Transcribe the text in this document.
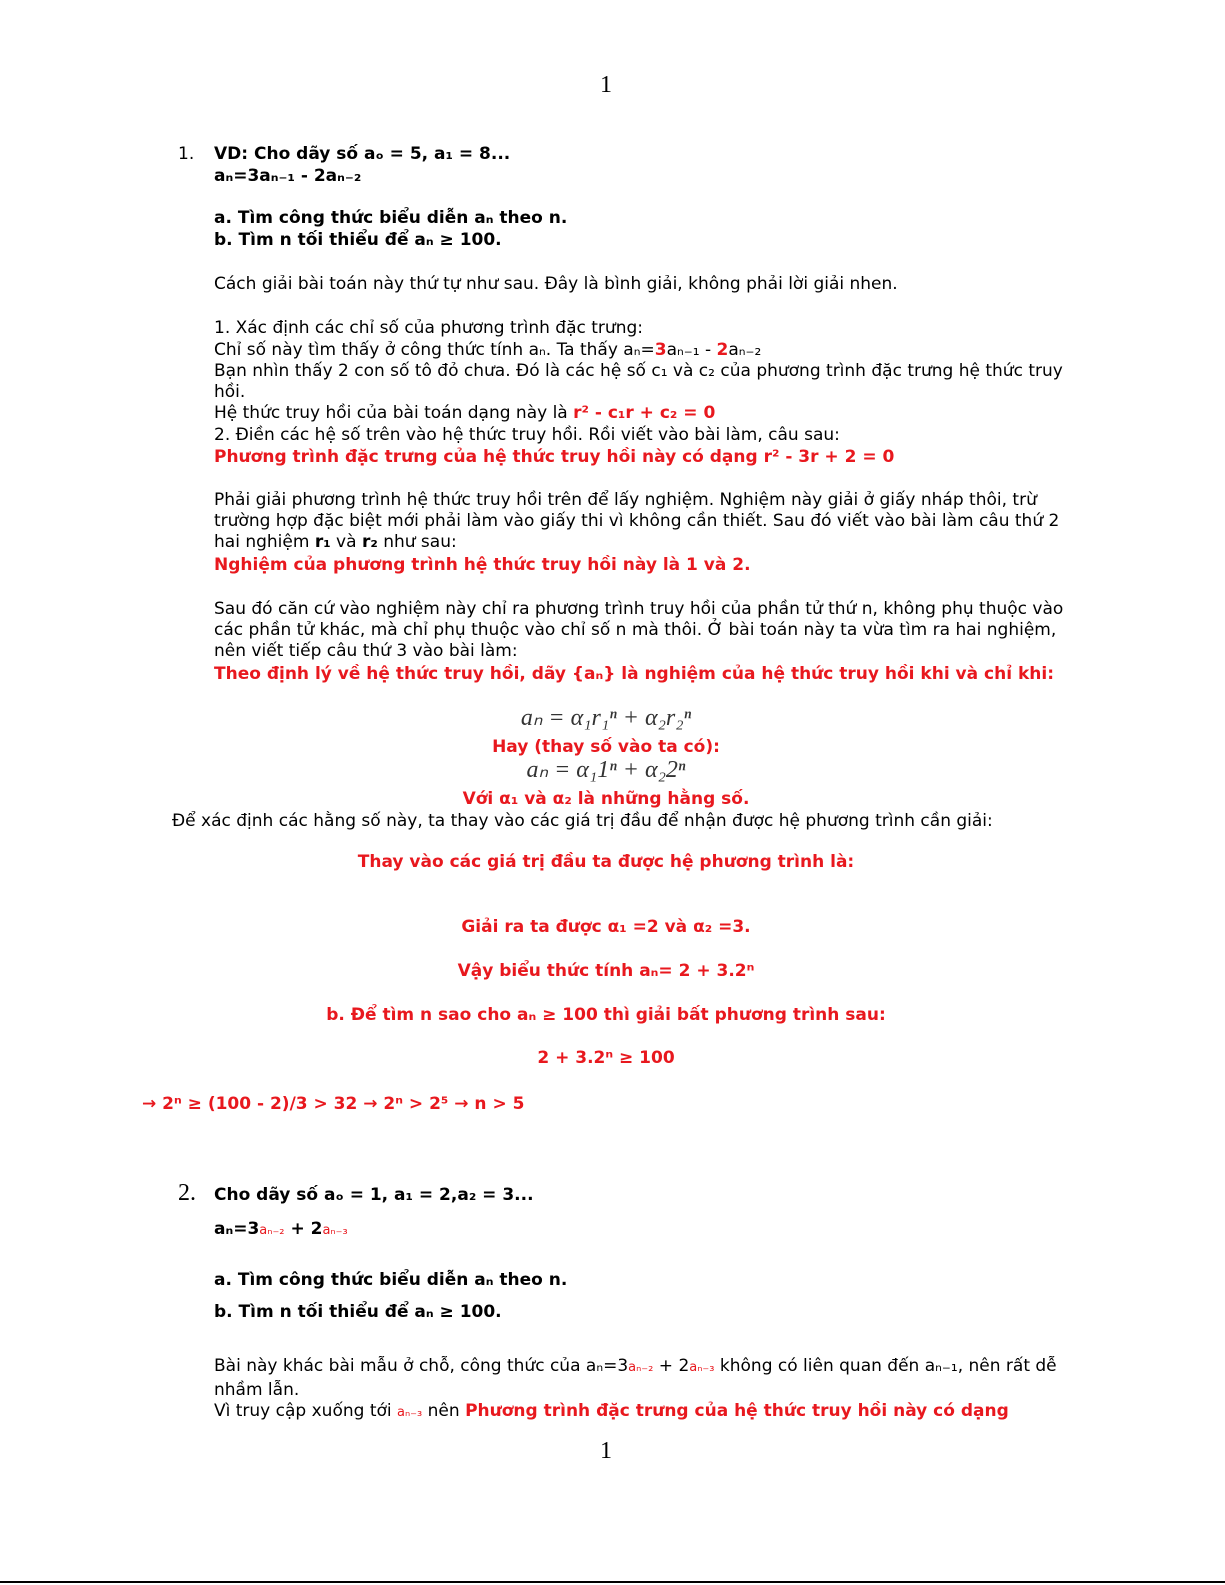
1
1. VD: Cho dãy số aₒ = 5, a₁ = 8...
aₙ=3aₙ₋₁ - 2aₙ₋₂
a. Tìm công thức biểu diễn aₙ theo n.
b. Tìm n tối thiểu để aₙ ≥ 100.
Cách giải bài toán này thứ tự như sau. Đây là bình giải, không phải lời giải nhen.
1. Xác định các chỉ số của phương trình đặc trưng:
Chỉ số này tìm thấy ở công thức tính aₙ. Ta thấy aₙ=3aₙ₋₁ - 2aₙ₋₂
Bạn nhìn thấy 2 con số tô đỏ chưa. Đó là các hệ số c₁ và c₂ của phương trình đặc trưng hệ thức truy hồi.
Hệ thức truy hồi của bài toán dạng này là r² - c₁r + c₂ = 0
2. Điền các hệ số trên vào hệ thức truy hồi. Rồi viết vào bài làm, câu sau:
Phương trình đặc trưng của hệ thức truy hồi này có dạng r² - 3r + 2 = 0
Phải giải phương trình hệ thức truy hồi trên để lấy nghiệm. Nghiệm này giải ở giấy nháp thôi, trừ trường hợp đặc biệt mới phải làm vào giấy thi vì không cần thiết. Sau đó viết vào bài làm câu thứ 2 hai nghiệm r₁ và r₂ như sau:
Nghiệm của phương trình hệ thức truy hồi này là 1 và 2.
Sau đó căn cứ vào nghiệm này chỉ ra phương trình truy hồi của phần tử thứ n, không phụ thuộc vào các phần tử khác, mà chỉ phụ thuộc vào chỉ số n mà thôi. Ở bài toán này ta vừa tìm ra hai nghiệm, nên viết tiếp câu thứ 3 vào bài làm:
Theo định lý về hệ thức truy hồi, dãy {aₙ} là nghiệm của hệ thức truy hồi khi và chỉ khi:
aₙ = α₁r₁ⁿ + α₂r₂ⁿ
Hay (thay số vào ta có):
aₙ = α₁1ⁿ + α₂2ⁿ
Với α₁ và α₂ là những hằng số.
Để xác định các hằng số này, ta thay vào các giá trị đầu để nhận được hệ phương trình cần giải:
Thay vào các giá trị đầu ta được hệ phương trình là:
Giải ra ta được α₁ =2 và α₂ =3.
Vậy biểu thức tính aₙ= 2 + 3.2ⁿ
b. Để tìm n sao cho aₙ ≥ 100 thì giải bất phương trình sau:
2 + 3.2ⁿ ≥ 100
→ 2ⁿ ≥ (100 - 2)/3 > 32 → 2ⁿ > 2⁵ → n > 5
2. Cho dãy số aₒ = 1, a₁ = 2,a₂ = 3...
aₙ=3aₙ₋₂ + 2aₙ₋₃
a. Tìm công thức biểu diễn aₙ theo n.
b. Tìm n tối thiểu để aₙ ≥ 100.
Bài này khác bài mẫu ở chỗ, công thức của aₙ=3aₙ₋₂ + 2aₙ₋₃ không có liên quan đến aₙ₋₁, nên rất dễ nhầm lẫn.
Vì truy cập xuống tới aₙ₋₃ nên Phương trình đặc trưng của hệ thức truy hồi này có dạng
1
